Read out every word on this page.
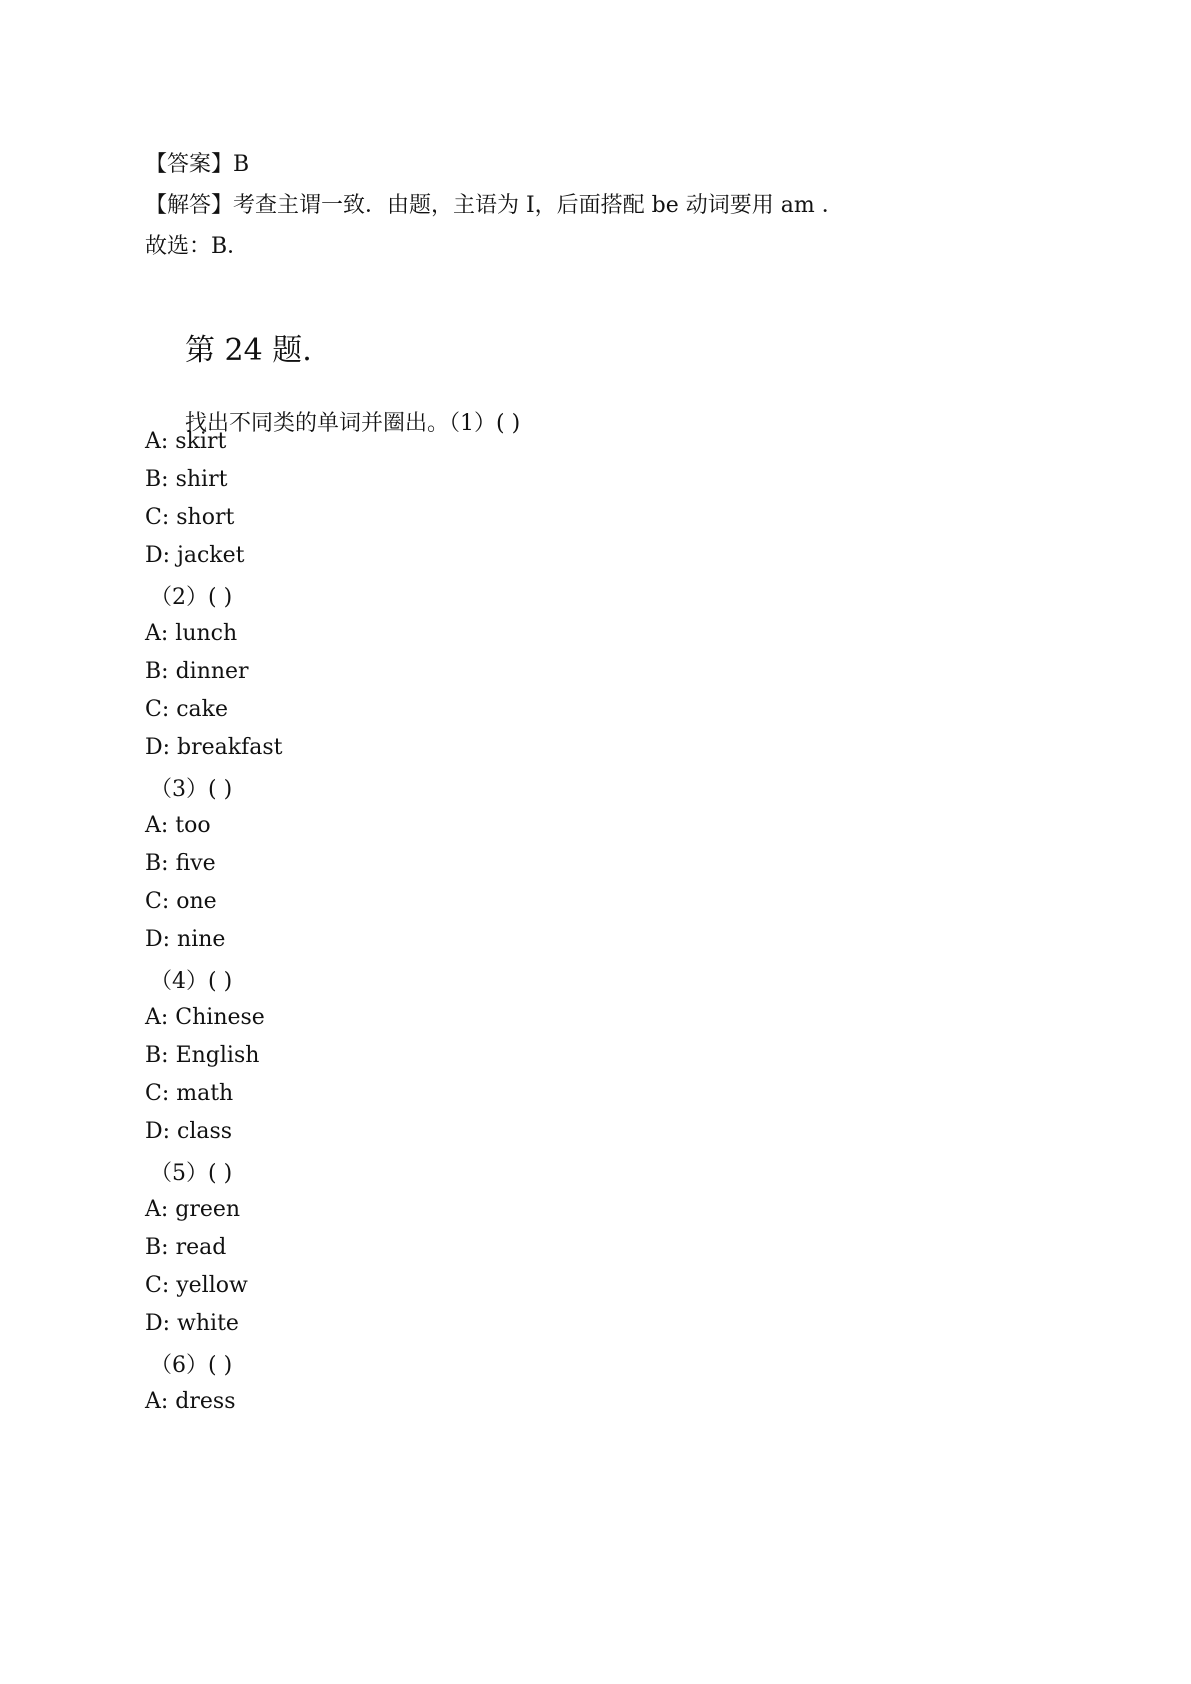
【答案】B
【解答】考查主谓一致．由题，主语为 I，后面搭配 be 动词要用 am ．
故选：B．
第 24 题.
找出不同类的单词并圈出。（1）( )
A: skirt
B: shirt
C: short
D: jacket
（2）( )
A: lunch
B: dinner
C: cake
D: breakfast
（3）( )
A: too
B: five
C: one
D: nine
（4）( )
A: Chinese
B: English
C: math
D: class
（5）( )
A: green
B: read
C: yellow
D: white
（6）( )
A: dress
